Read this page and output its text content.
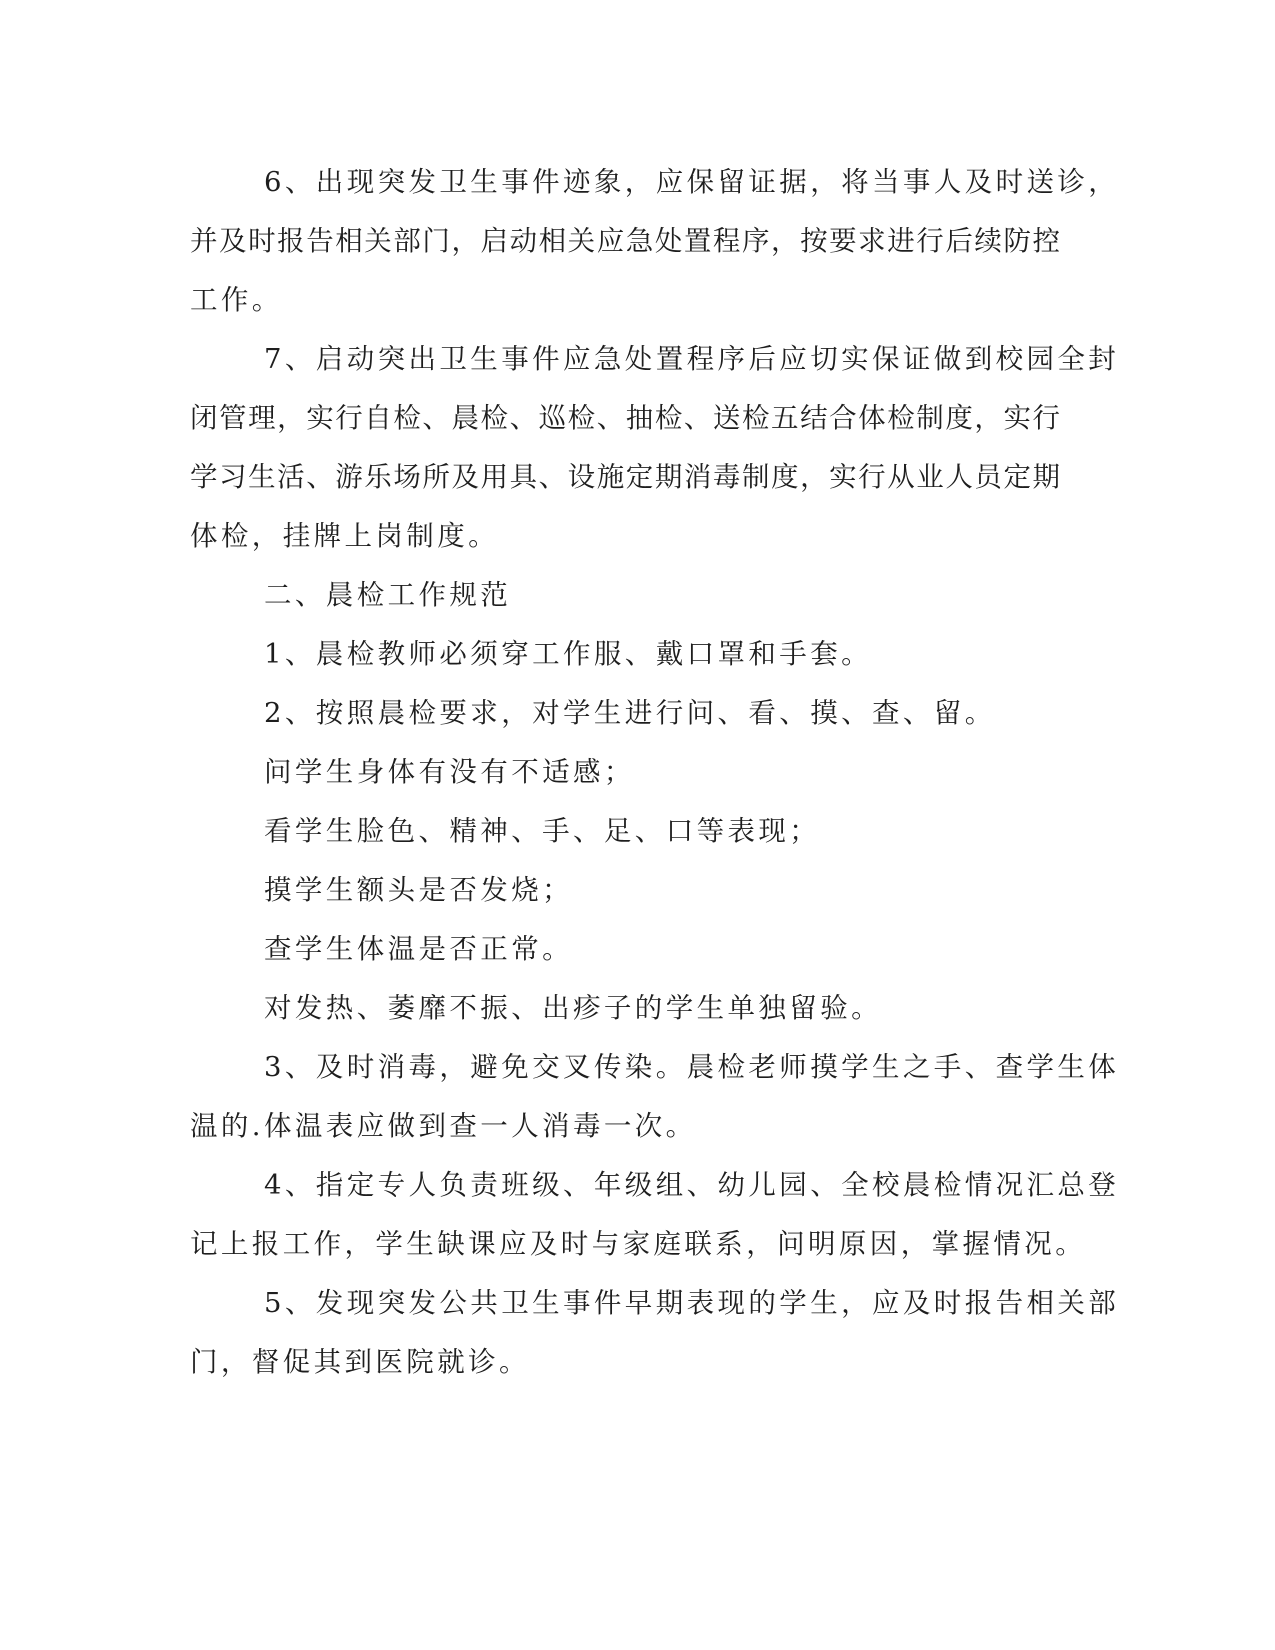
6、出现突发卫生事件迹象，应保留证据，将当事人及时送诊，
并及时报告相关部门，启动相关应急处置程序，按要求进行后续防控
工作。
7、启动突出卫生事件应急处置程序后应切实保证做到校园全封
闭管理，实行自检、晨检、巡检、抽检、送检五结合体检制度，实行
学习生活、游乐场所及用具、设施定期消毒制度，实行从业人员定期
体检，挂牌上岗制度。
二、晨检工作规范
1、晨检教师必须穿工作服、戴口罩和手套。
2、按照晨检要求，对学生进行问、看、摸、查、留。
问学生身体有没有不适感；
看学生脸色、精神、手、足、口等表现；
摸学生额头是否发烧；
查学生体温是否正常。
对发热、萎靡不振、出疹子的学生单独留验。
3、及时消毒，避免交叉传染。晨检老师摸学生之手、查学生体
温的.体温表应做到查一人消毒一次。
4、指定专人负责班级、年级组、幼儿园、全校晨检情况汇总登
记上报工作，学生缺课应及时与家庭联系，问明原因，掌握情况。
5、发现突发公共卫生事件早期表现的学生，应及时报告相关部
门，督促其到医院就诊。
